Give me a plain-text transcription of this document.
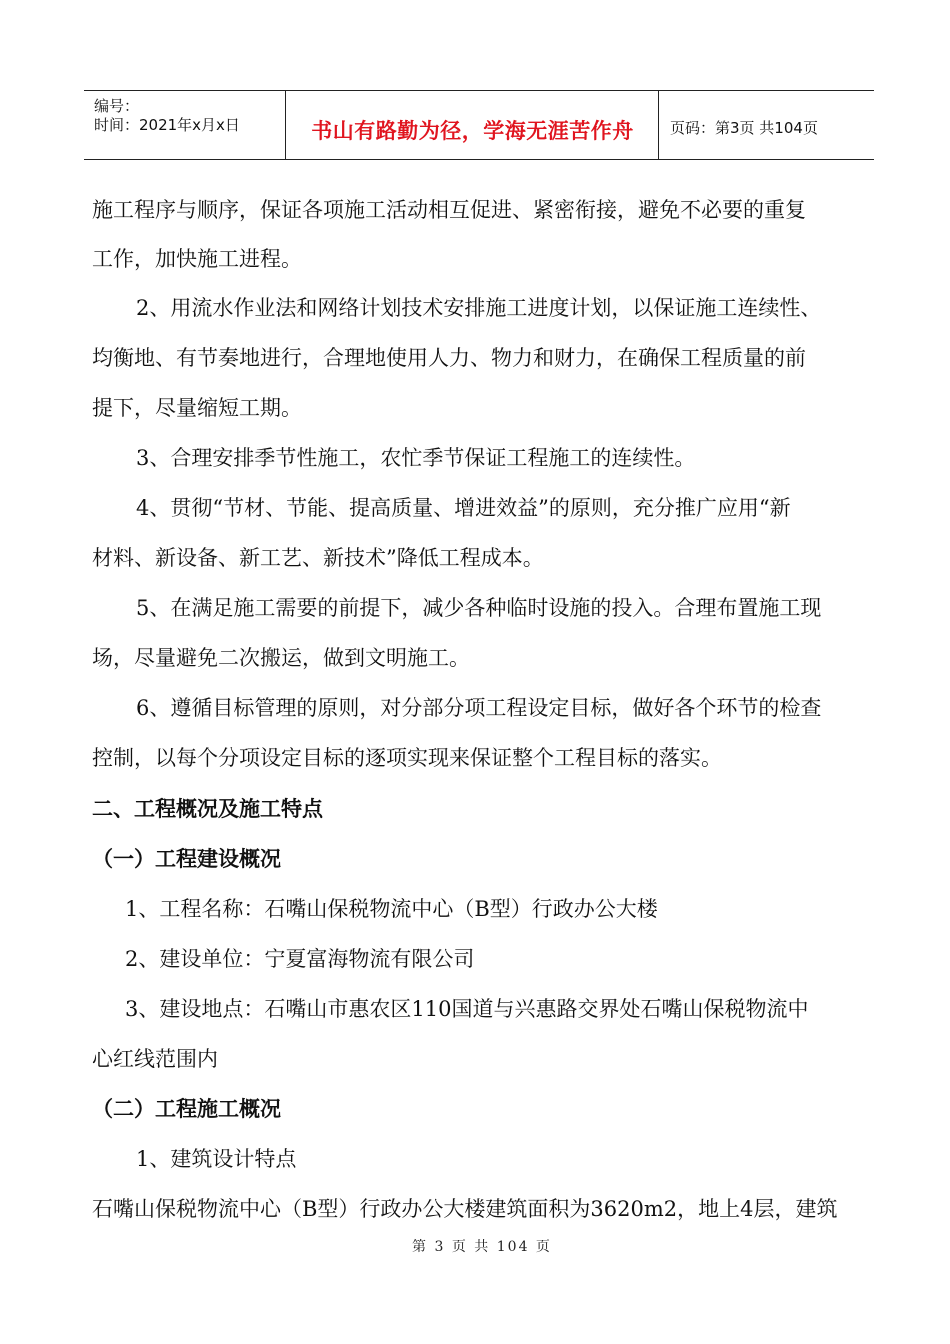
编号：
时间：2021年x月x日	书山有路勤为径，学海无涯苦作舟	页码：第3页 共104页
施工程序与顺序，保证各项施工活动相互促进、紧密衔接，避免不必要的重复
工作，加快施工进程。
2、用流水作业法和网络计划技术安排施工进度计划，以保证施工连续性、
均衡地、有节奏地进行，合理地使用人力、物力和财力，在确保工程质量的前
提下，尽量缩短工期。
3、合理安排季节性施工，农忙季节保证工程施工的连续性。
4、贯彻“节材、节能、提高质量、增进效益”的原则，充分推广应用“新
材料、新设备、新工艺、新技术”降低工程成本。
5、在满足施工需要的前提下，减少各种临时设施的投入。合理布置施工现
场，尽量避免二次搬运，做到文明施工。
6、遵循目标管理的原则，对分部分项工程设定目标，做好各个环节的检查
控制，以每个分项设定目标的逐项实现来保证整个工程目标的落实。
二、工程概况及施工特点
（一）工程建设概况
1、工程名称：石嘴山保税物流中心（B型）行政办公大楼
2、建设单位：宁夏富海物流有限公司
3、建设地点：石嘴山市惠农区110国道与兴惠路交界处石嘴山保税物流中
心红线范围内
（二）工程施工概况
1、建筑设计特点
石嘴山保税物流中心（B型）行政办公大楼建筑面积为3620m2，地上4层，建筑
第 3 页 共 104 页
